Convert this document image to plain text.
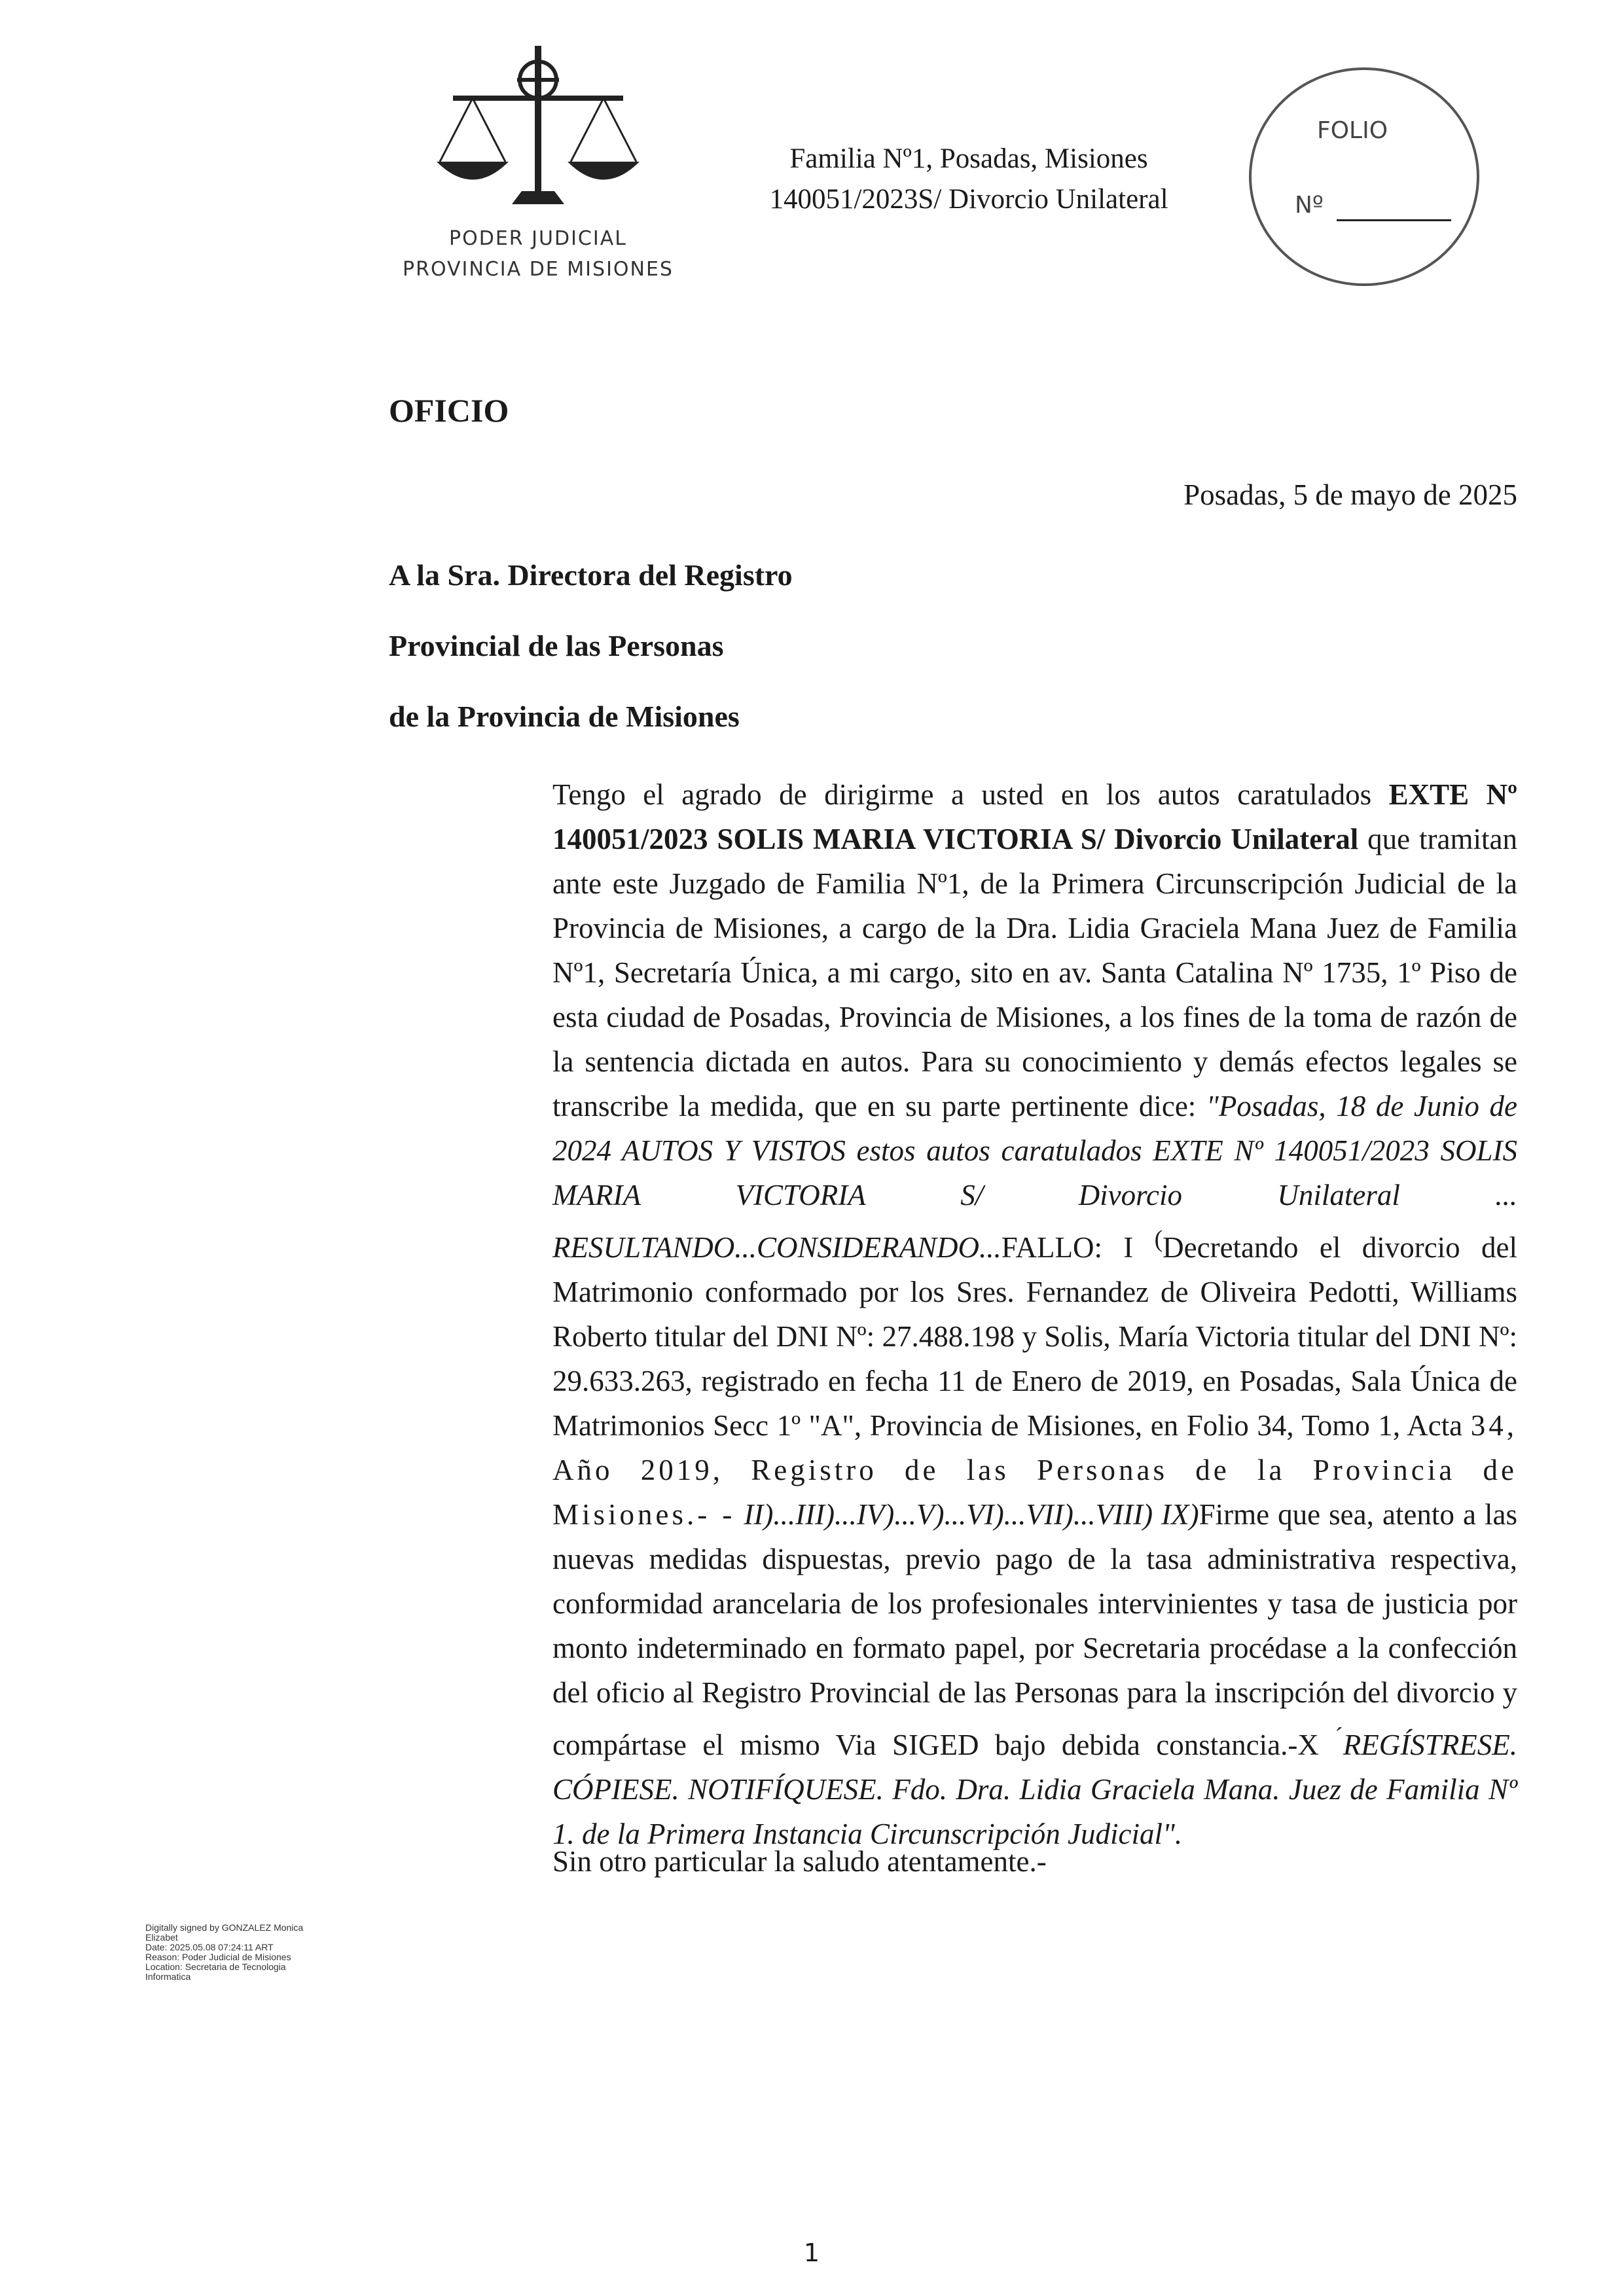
PODER JUDICIAL
PROVINCIA DE MISIONES
Familia Nº1, Posadas, Misiones
140051/2023S/ Divorcio Unilateral
FOLIO
Nº
OFICIO
Posadas, 5 de mayo de 2025
A la Sra. Directora del Registro
Provincial de las Personas
de la Provincia de Misiones
Tengo el agrado de dirigirme a usted en los autos caratulados EXTE Nº 140051/2023 SOLIS MARIA VICTORIA S/ Divorcio Unilateral que tramitan ante este Juzgado de Familia Nº1, de la Primera Circunscripción Judicial de la Provincia de Misiones, a cargo de la Dra. Lidia Graciela Mana Juez de Familia Nº1, Secretaría Única, a mi cargo, sito en av. Santa Catalina Nº 1735, 1º Piso de esta ciudad de Posadas, Provincia de Misiones, a los fines de la toma de razón de la sentencia dictada en autos. Para su conocimiento y demás efectos legales se transcribe la medida, que en su parte pertinente dice: "Posadas, 18 de Junio de 2024 AUTOS Y VISTOS estos autos caratulados EXTE Nº 140051/2023 SOLIS MARIA VICTORIA S/ Divorcio Unilateral ... RESULTANDO...CONSIDERANDO...FALLO: I (Decretando el divorcio del Matrimonio conformado por los Sres. Fernandez de Oliveira Pedotti, Williams Roberto titular del DNI Nº: 27.488.198 y Solis, María Victoria titular del DNI Nº: 29.633.263, registrado en fecha 11 de Enero de 2019, en Posadas, Sala Única de Matrimonios Secc 1º "A", Provincia de Misiones, en Folio 34, Tomo 1, Acta 34, Año 2019, Registro de las Personas de la Provincia de Misiones.- - II)...III)...IV)...V)...VI)...VII)...VIII) IX)Firme que sea, atento a las nuevas medidas dispuestas, previo pago de la tasa administrativa respectiva, conformidad arancelaria de los profesionales intervinientes y tasa de justicia por monto indeterminado en formato papel, por Secretaria procédase a la confección del oficio al Registro Provincial de las Personas para la inscripción del divorcio y compártase el mismo Via SIGED bajo debida constancia.-X ´REGÍSTRESE. CÓPIESE. NOTIFÍQUESE. Fdo. Dra. Lidia Graciela Mana. Juez de Familia Nº 1. de la Primera Instancia Circunscripción Judicial".
Sin otro particular la saludo atentamente.-
Digitally signed by GONZALEZ Monica
Elizabet
Date: 2025.05.08 07:24:11 ART
Reason: Poder Judicial de Misiones
Location: Secretaria de Tecnologia
Informatica
1
